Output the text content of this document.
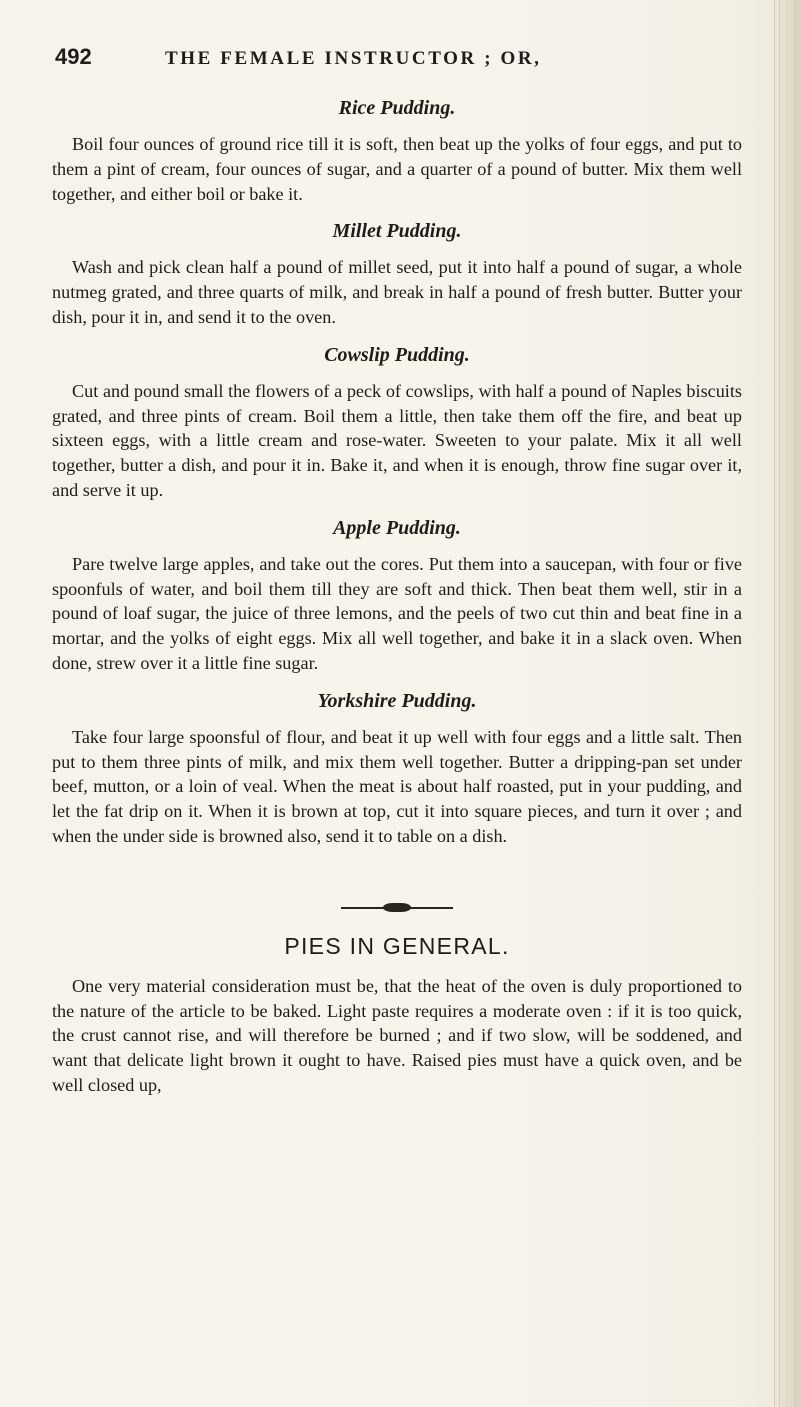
492	THE FEMALE INSTRUCTOR ; OR,
Rice Pudding.

Boil four ounces of ground rice till it is soft, then beat up the yolks of four eggs, and put to them a pint of cream, four ounces of sugar, and a quarter of a pound of butter. Mix them well together, and either boil or bake it.

Millet Pudding.

Wash and pick clean half a pound of millet seed, put it into half a pound of sugar, a whole nutmeg grated, and three quarts of milk, and break in half a pound of fresh butter. Butter your dish, pour it in, and send it to the oven.

Cowslip Pudding.

Cut and pound small the flowers of a peck of cowslips, with half a pound of Naples biscuits grated, and three pints of cream. Boil them a little, then take them off the fire, and beat up sixteen eggs, with a little cream and rose-water. Sweeten to your palate. Mix it all well together, butter a dish, and pour it in. Bake it, and when it is enough, throw fine sugar over it, and serve it up.

Apple Pudding.

Pare twelve large apples, and take out the cores. Put them into a saucepan, with four or five spoonfuls of water, and boil them till they are soft and thick. Then beat them well, stir in a pound of loaf sugar, the juice of three lemons, and the peels of two cut thin and beat fine in a mortar, and the yolks of eight eggs. Mix all well together, and bake it in a slack oven. When done, strew over it a little fine sugar.

Yorkshire Pudding.

Take four large spoonsful of flour, and beat it up well with four eggs and a little salt. Then put to them three pints of milk, and mix them well together. Butter a dripping-pan set under beef, mutton, or a loin of veal. When the meat is about half roasted, put in your pudding, and let the fat drip on it. When it is brown at top, cut it into square pieces, and turn it over ; and when the under side is browned also, send it to table on a dish.

PIES IN GENERAL.

One very material consideration must be, that the heat of the oven is duly proportioned to the nature of the article to be baked. Light paste requires a moderate oven : if it is too quick, the crust cannot rise, and will therefore be burned ; and if two slow, will be soddened, and want that delicate light brown it ought to have. Raised pies must have a quick oven, and be well closed up,
